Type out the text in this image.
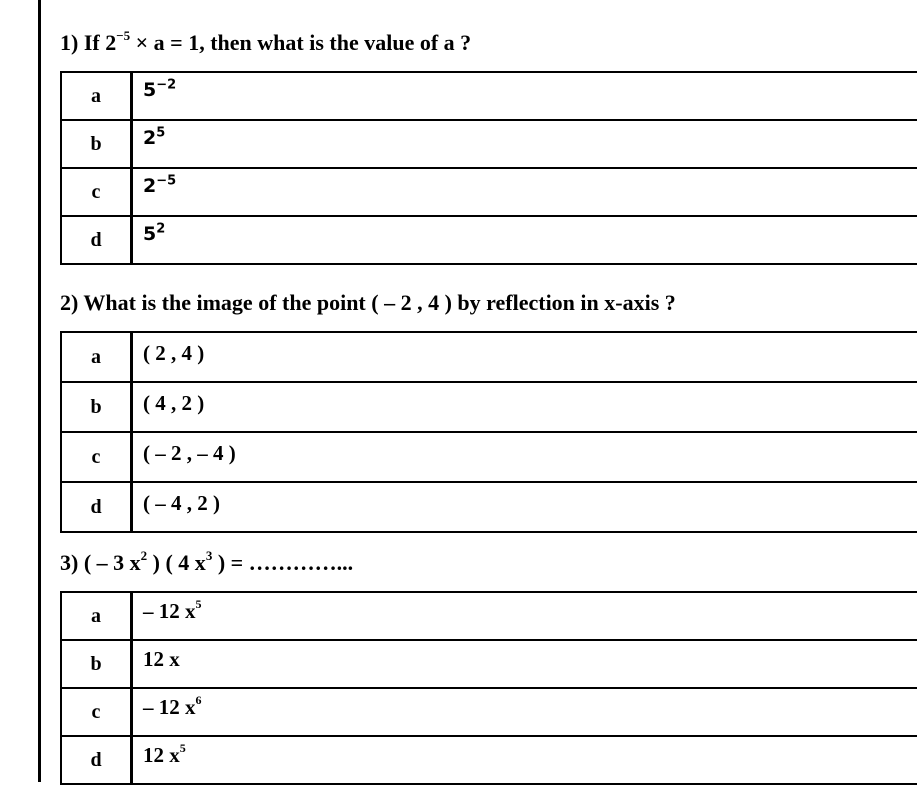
1) If $2^{-5} \times a = 1$, then what is the value of a ?
a	$5^{-2}$
b	$2^5$
c	$2^{-5}$
d	$5^2$
2) What is the image of the point ( – 2 , 4 ) by reflection in x-axis ?
a	( 2 , 4 )
b	( 4 , 2 )
c	( – 2 , – 4 )
d	( – 4 , 2 )
3) ( – 3 $x^2$ ) ( 4 $x^3$ ) = …………...
a	– 12 $x^5$
b	12 x
c	– 12 $x^6$
d	12 $x^5$
